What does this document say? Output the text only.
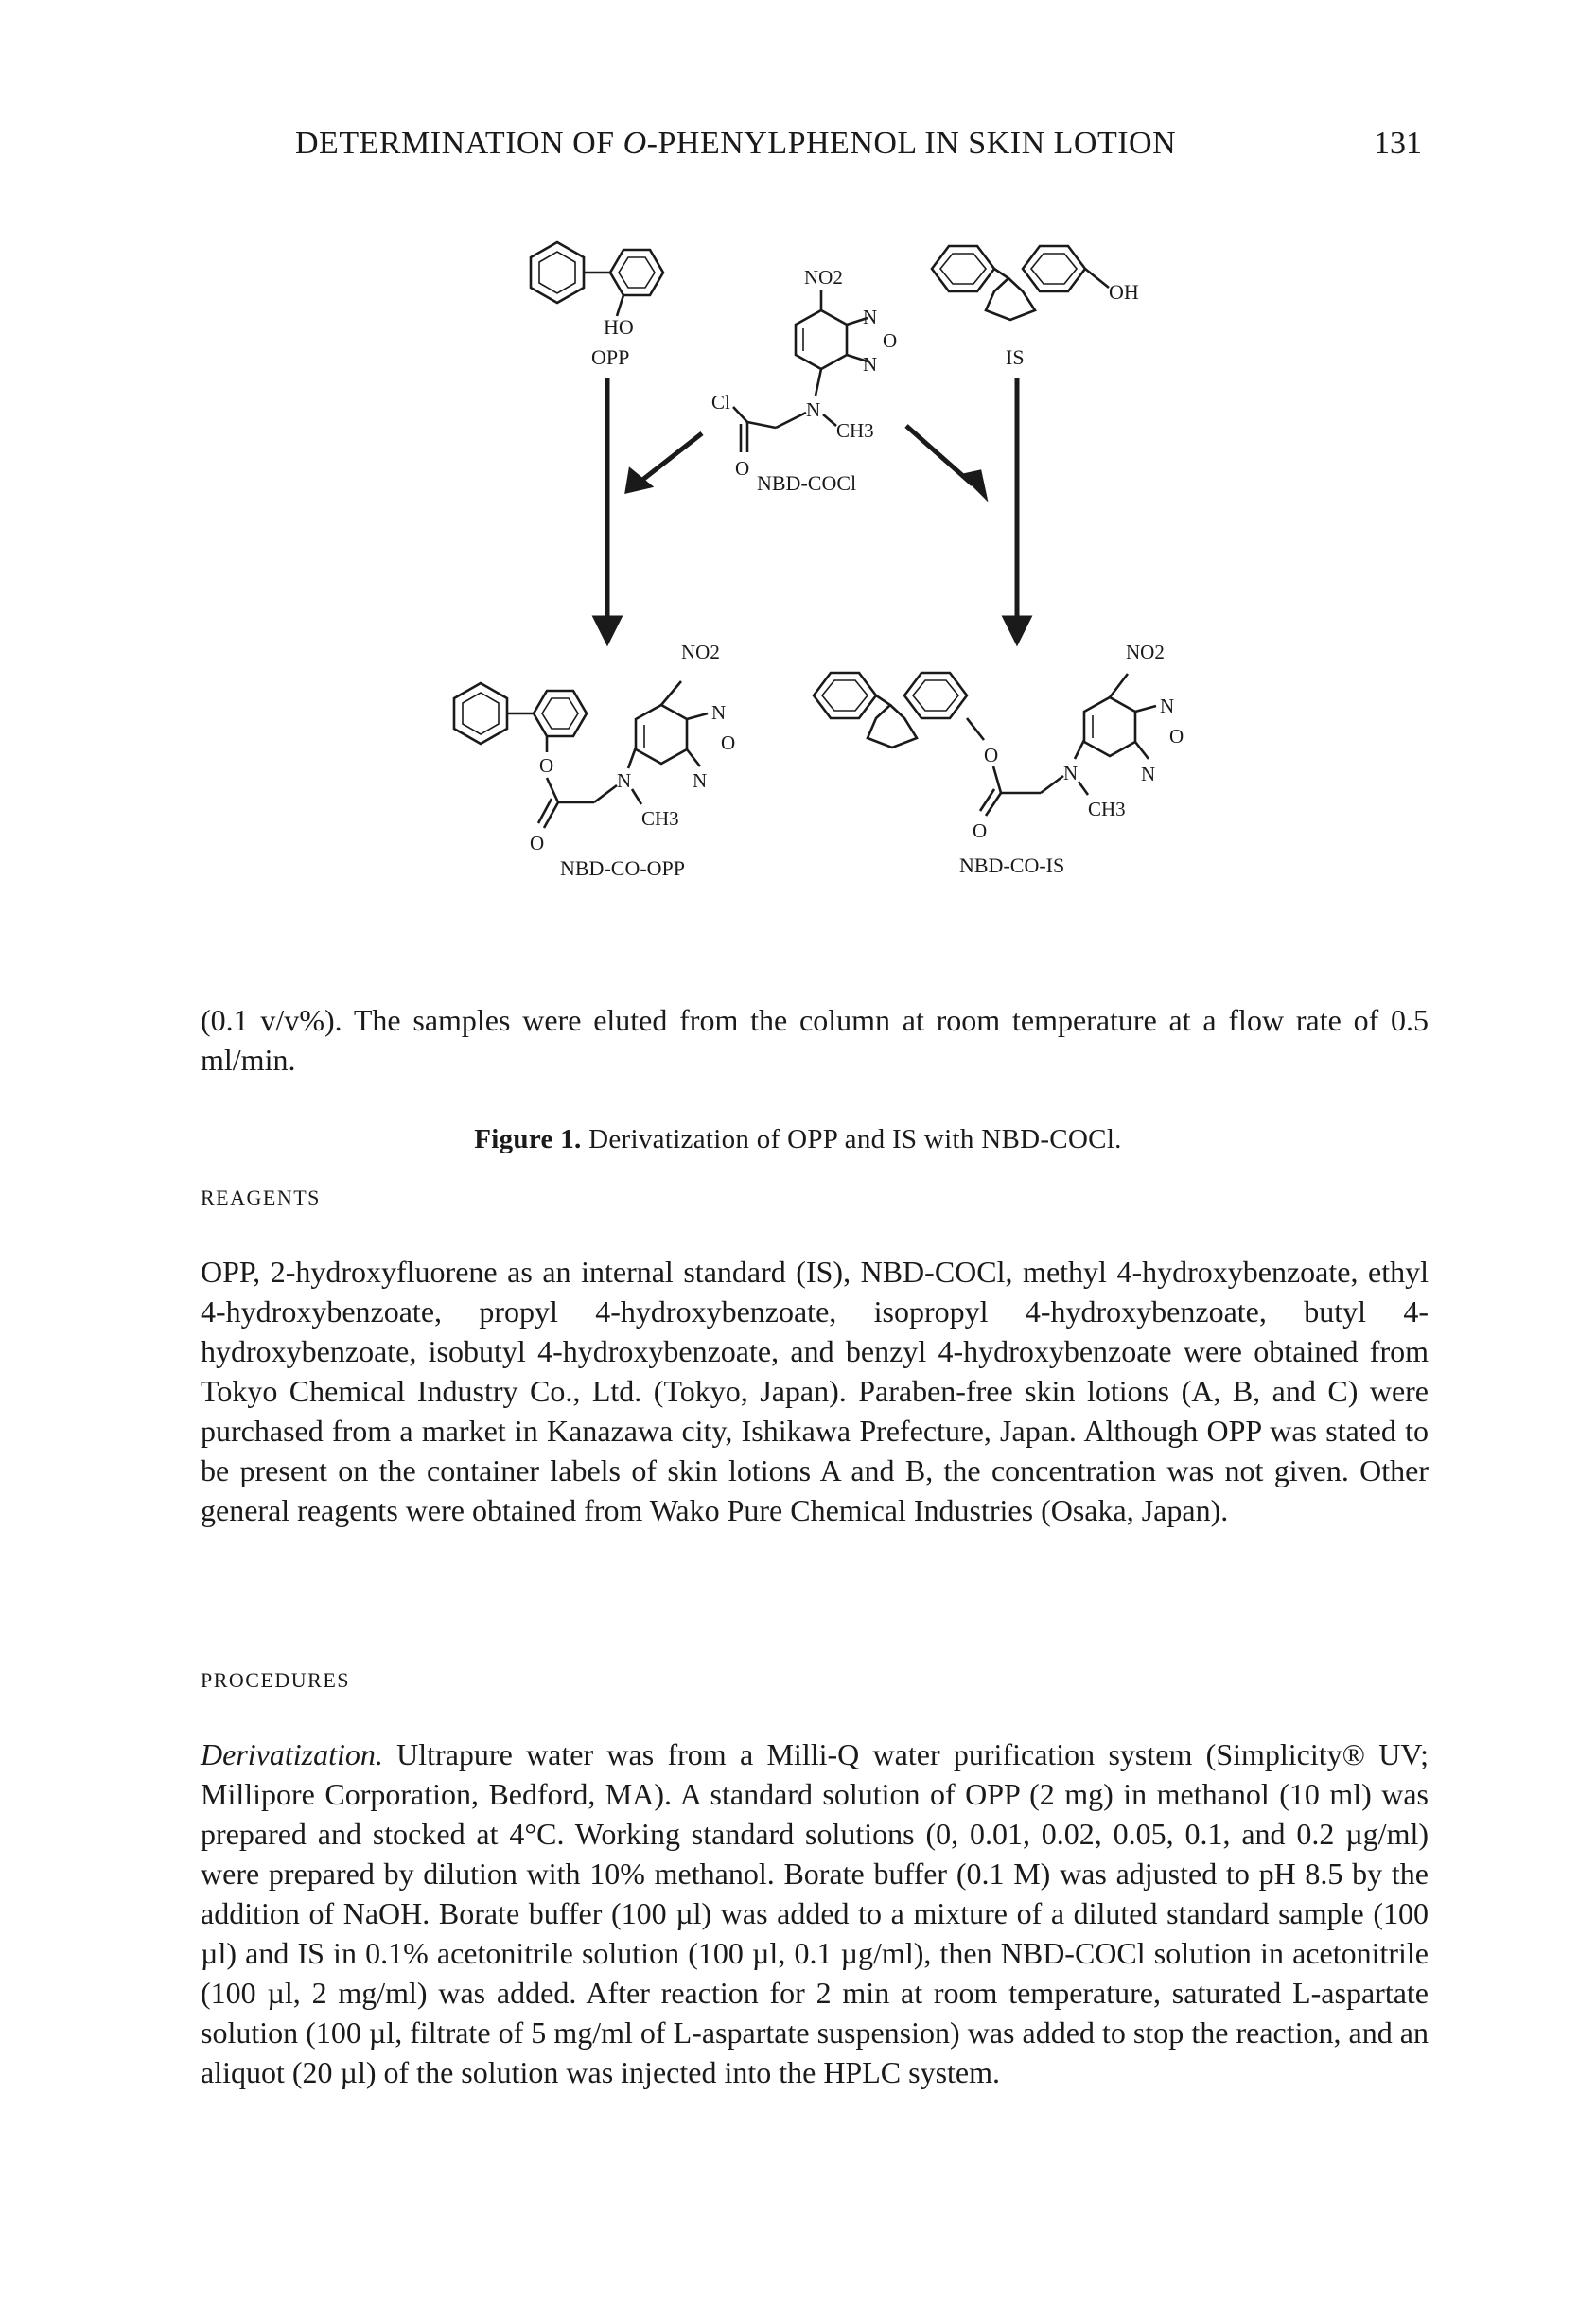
DETERMINATION OF O-PHENYLPHENOL IN SKIN LOTION	131
HO
OPP
OH
IS
NO2
N
O
N
N
CH3
O
Cl
NBD-COCl
O
O
N
CH3
NO2
N
O
N
NBD-CO-OPP
O
O
N
CH3
NO2
N
O
N
NBD-CO-IS
Figure 1. Derivatization of OPP and IS with NBD-COCl.

(0.1 v/v%). The samples were eluted from the column at room temperature at a flow rate of 0.5 ml/min.

REAGENTS

OPP, 2-hydroxyfluorene as an internal standard (IS), NBD-COCl, methyl 4-hydroxybenzoate, ethyl 4-hydroxybenzoate, propyl 4-hydroxybenzoate, isopropyl 4-hydroxybenzoate, butyl 4-hydroxybenzoate, isobutyl 4-hydroxybenzoate, and benzyl 4-hydroxybenzoate were obtained from Tokyo Chemical Industry Co., Ltd. (Tokyo, Japan). Paraben-free skin lotions (A, B, and C) were purchased from a market in Kanazawa city, Ishikawa Prefecture, Japan. Although OPP was stated to be present on the container labels of skin lotions A and B, the concentration was not given. Other general reagents were obtained from Wako Pure Chemical Industries (Osaka, Japan).

PROCEDURES

Derivatization. Ultrapure water was from a Milli-Q water purification system (Simplicity® UV; Millipore Corporation, Bedford, MA). A standard solution of OPP (2 mg) in methanol (10 ml) was prepared and stocked at 4°C. Working standard solutions (0, 0.01, 0.02, 0.05, 0.1, and 0.2 µg/ml) were prepared by dilution with 10% methanol. Borate buffer (0.1 M) was adjusted to pH 8.5 by the addition of NaOH. Borate buffer (100 µl) was added to a mixture of a diluted standard sample (100 µl) and IS in 0.1% acetonitrile solution (100 µl, 0.1 µg/ml), then NBD-COCl solution in acetonitrile (100 µl, 2 mg/ml) was added. After reaction for 2 min at room temperature, saturated L-aspartate solution (100 µl, filtrate of 5 mg/ml of L-aspartate suspension) was added to stop the reaction, and an aliquot (20 µl) of the solution was injected into the HPLC system.
